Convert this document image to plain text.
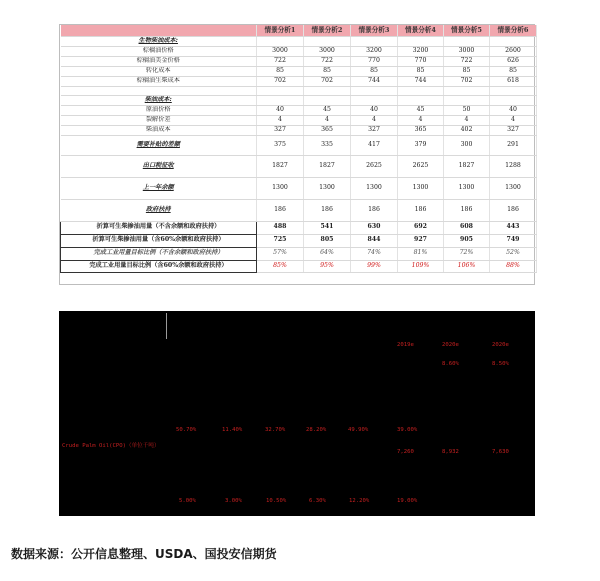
	情景分析1	情景分析2	情景分析3	情景分析4	情景分析5	情景分析6
生物柴油成本:						
棕榈油价格	3000	3000	3200	3200	3000	2600
棕榈油美金价格	722	722	770	770	722	626
转化成本	85	85	85	85	85	85
棕榈油生柴成本	702	702	744	744	702	618

柴油成本:						
原油价格	40	45	40	45	50	40
裂解价差	4	4	4	4	4	4
柴油成本	327	365	327	365	402	327
需要补贴的差额	375	335	417	379	300	291
出口税征收	1827	1827	2625	2625	1827	1288
上一年余额	1300	1300	1300	1300	1300	1300
政府扶持	186	186	186	186	186	186
折算可生柴掺油用量（不含余额和政府扶持）	488	541	630	692	608	443
折算可生柴掺油用量（含60%余额和政府扶持）	725	805	844	927	905	749
完成工业用量目标比例（不含余额和政府扶持）	57%	64%	74%	81%	72%	52%
完成工业用量目标比例（含60%余额和政府扶持）	85%	95%	99%	109%	106%	88%
2019e	2020e	2020e
8.60%	8.50%
Crude Palm Oil(CPO)（单位千吨）
50.70%	11.40%	32.70%	28.20%	49.90%	39.00%
7,260	8,932	7,630
5.00%	3.00%	10.50%	6.30%	12.20%	19.00%
数据来源：公开信息整理、USDA、国投安信期货
